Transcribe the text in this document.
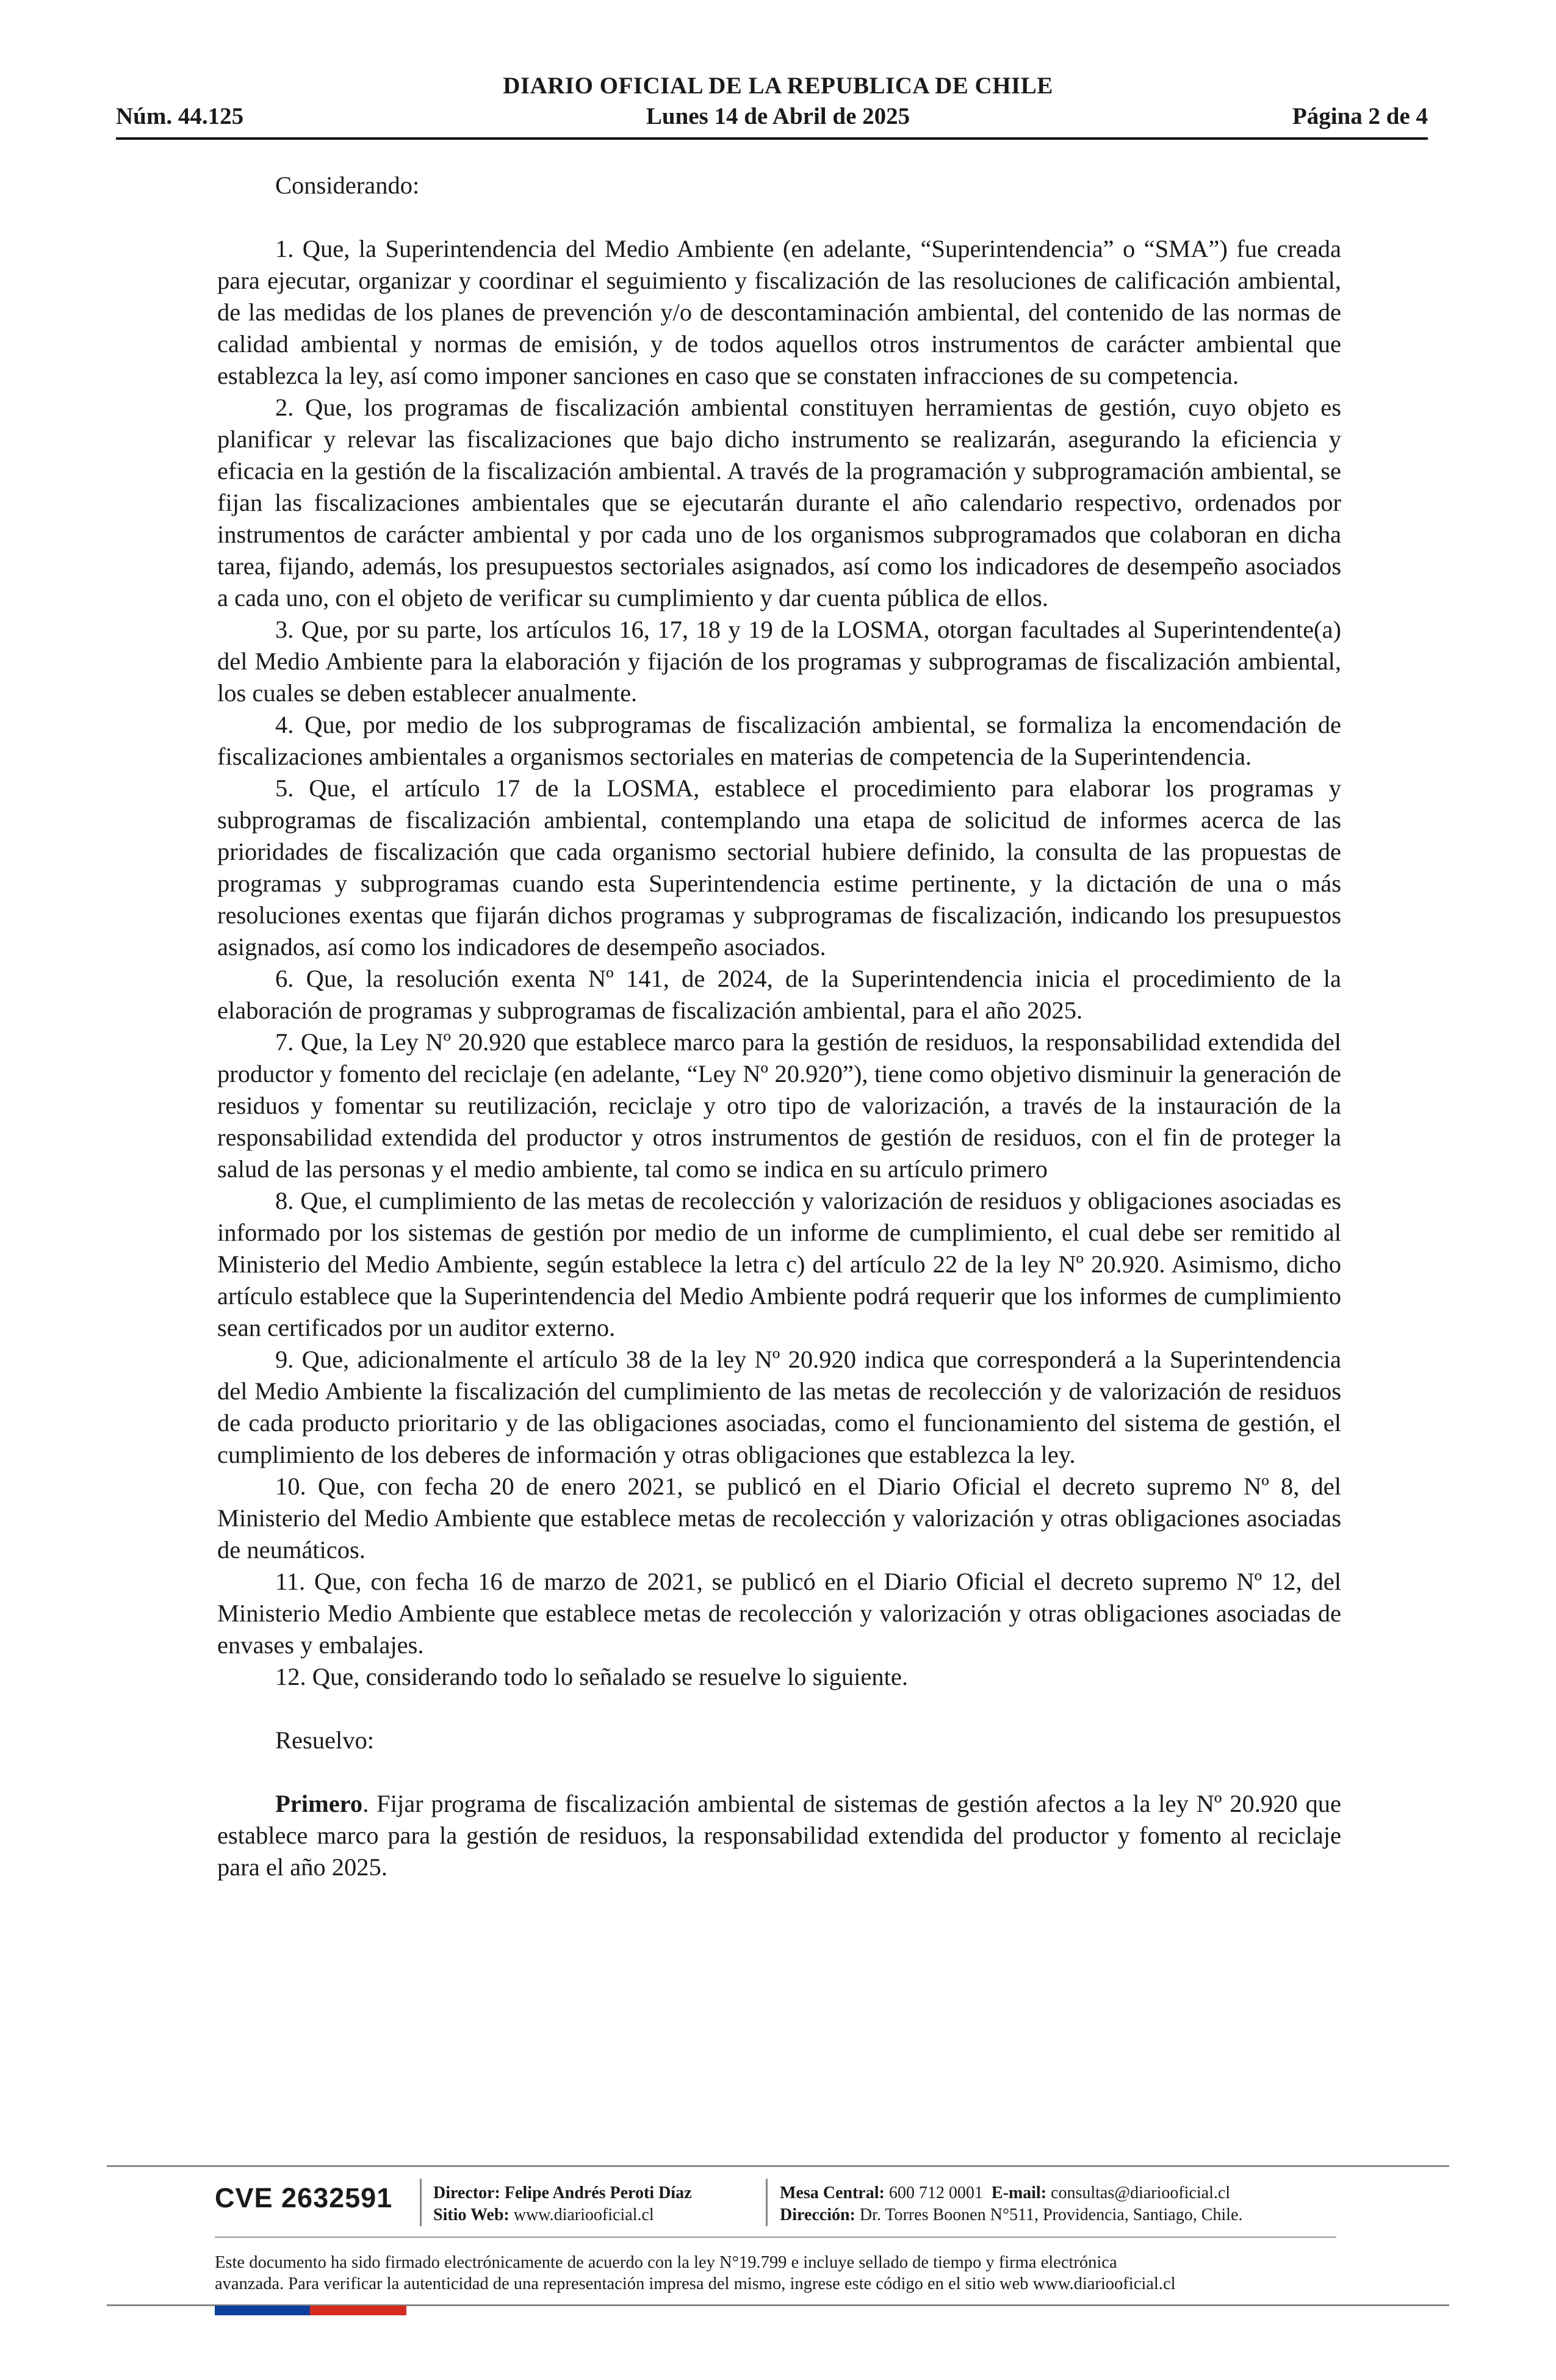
DIARIO OFICIAL DE LA REPUBLICA DE CHILE
Núm. 44.125	Lunes 14 de Abril de 2025	Página 2 de 4

Considerando:

1. Que, la Superintendencia del Medio Ambiente (en adelante, “Superintendencia” o “SMA”) fue creada para ejecutar, organizar y coordinar el seguimiento y fiscalización de las resoluciones de calificación ambiental, de las medidas de los planes de prevención y/o de descontaminación ambiental, del contenido de las normas de calidad ambiental y normas de emisión, y de todos aquellos otros instrumentos de carácter ambiental que establezca la ley, así como imponer sanciones en caso que se constaten infracciones de su competencia.

2. Que, los programas de fiscalización ambiental constituyen herramientas de gestión, cuyo objeto es planificar y relevar las fiscalizaciones que bajo dicho instrumento se realizarán, asegurando la eficiencia y eficacia en la gestión de la fiscalización ambiental. A través de la programación y subprogramación ambiental, se fijan las fiscalizaciones ambientales que se ejecutarán durante el año calendario respectivo, ordenados por instrumentos de carácter ambiental y por cada uno de los organismos subprogramados que colaboran en dicha tarea, fijando, además, los presupuestos sectoriales asignados, así como los indicadores de desempeño asociados a cada uno, con el objeto de verificar su cumplimiento y dar cuenta pública de ellos.

3. Que, por su parte, los artículos 16, 17, 18 y 19 de la LOSMA, otorgan facultades al Superintendente(a) del Medio Ambiente para la elaboración y fijación de los programas y subprogramas de fiscalización ambiental, los cuales se deben establecer anualmente.

4. Que, por medio de los subprogramas de fiscalización ambiental, se formaliza la encomendación de fiscalizaciones ambientales a organismos sectoriales en materias de competencia de la Superintendencia.

5. Que, el artículo 17 de la LOSMA, establece el procedimiento para elaborar los programas y subprogramas de fiscalización ambiental, contemplando una etapa de solicitud de informes acerca de las prioridades de fiscalización que cada organismo sectorial hubiere definido, la consulta de las propuestas de programas y subprogramas cuando esta Superintendencia estime pertinente, y la dictación de una o más resoluciones exentas que fijarán dichos programas y subprogramas de fiscalización, indicando los presupuestos asignados, así como los indicadores de desempeño asociados.

6. Que, la resolución exenta Nº 141, de 2024, de la Superintendencia inicia el procedimiento de la elaboración de programas y subprogramas de fiscalización ambiental, para el año 2025.

7. Que, la Ley Nº 20.920 que establece marco para la gestión de residuos, la responsabilidad extendida del productor y fomento del reciclaje (en adelante, “Ley Nº 20.920”), tiene como objetivo disminuir la generación de residuos y fomentar su reutilización, reciclaje y otro tipo de valorización, a través de la instauración de la responsabilidad extendida del productor y otros instrumentos de gestión de residuos, con el fin de proteger la salud de las personas y el medio ambiente, tal como se indica en su artículo primero

8. Que, el cumplimiento de las metas de recolección y valorización de residuos y obligaciones asociadas es informado por los sistemas de gestión por medio de un informe de cumplimiento, el cual debe ser remitido al Ministerio del Medio Ambiente, según establece la letra c) del artículo 22 de la ley Nº 20.920. Asimismo, dicho artículo establece que la Superintendencia del Medio Ambiente podrá requerir que los informes de cumplimiento sean certificados por un auditor externo.

9. Que, adicionalmente el artículo 38 de la ley Nº 20.920 indica que corresponderá a la Superintendencia del Medio Ambiente la fiscalización del cumplimiento de las metas de recolección y de valorización de residuos de cada producto prioritario y de las obligaciones asociadas, como el funcionamiento del sistema de gestión, el cumplimiento de los deberes de información y otras obligaciones que establezca la ley.

10. Que, con fecha 20 de enero 2021, se publicó en el Diario Oficial el decreto supremo Nº 8, del Ministerio del Medio Ambiente que establece metas de recolección y valorización y otras obligaciones asociadas de neumáticos.

11. Que, con fecha 16 de marzo de 2021, se publicó en el Diario Oficial el decreto supremo Nº 12, del Ministerio Medio Ambiente que establece metas de recolección y valorización y otras obligaciones asociadas de envases y embalajes.

12. Que, considerando todo lo señalado se resuelve lo siguiente.

Resuelvo:

Primero. Fijar programa de fiscalización ambiental de sistemas de gestión afectos a la ley Nº 20.920 que establece marco para la gestión de residuos, la responsabilidad extendida del productor y fomento al reciclaje para el año 2025.

CVE 2632591 Director: Felipe Andrés Peroti Díaz
Sitio Web: www.diariooficial.cl
Mesa Central: 600 712 0001 E-mail: consultas@diariooficial.cl
Dirección: Dr. Torres Boonen N°511, Providencia, Santiago, Chile.
Este documento ha sido firmado electrónicamente de acuerdo con la ley N°19.799 e incluye sellado de tiempo y firma electrónica
avanzada. Para verificar la autenticidad de una representación impresa del mismo, ingrese este código en el sitio web www.diariooficial.cl
